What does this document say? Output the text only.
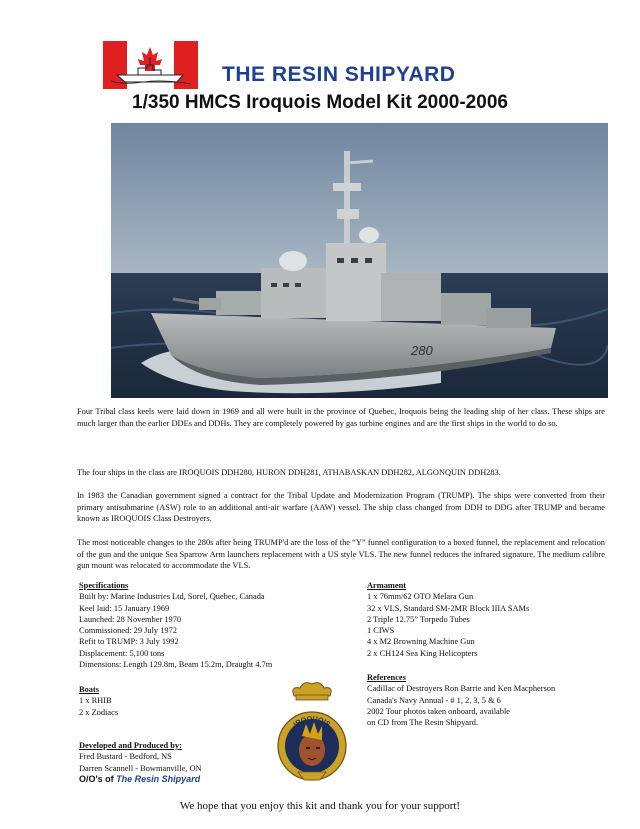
THE RESIN SHIPYARD
1/350 HMCS Iroquois Model Kit 2000-2006
280
Four Tribal class keels were laid down in 1969 and all were built in the province of Quebec, Iroquois being the leading ship of her class. These ships are much larger than the earlier DDEs and DDHs. They are completely powered by gas turbine engines and are the first ships in the world to do so.
The four ships in the class are IROQUOIS DDH280, HURON DDH281, ATHABASKAN DDH282, ALGONQUIN DDH283.
In 1983 the Canadian government signed a contract for the Tribal Update and Modernization Program (TRUMP). The ships were converted from their primary antisubmarine (ASW) role to an additional anti-air warfare (AAW) vessel. The ship class changed from DDH to DDG after TRUMP and became known as IROQUOIS Class Destroyers.
The most noticeable changes to the 280s after being TRUMP'd are the loss of the “Y” funnel configuration to a boxed funnel, the replacement and relocation of the gun and the unique Sea Sparrow Arm launchers replacement with a US style VLS. The new funnel reduces the infrared signature. The medium calibre gun mount was relocated to accommodate the VLS.
Specifications
Built by: Marine Industries Ltd, Sorel, Quebec, Canada
Keel laid: 15 January 1969
Launched: 28 November 1970
Commissioned: 29 July 1972
Refit to TRUMP: 3 July 1992
Displacement: 5,100 tons
Dimensions: Length 129.8m, Beam 15.2m, Draught 4.7m
Boats
1 x RHIB
2 x Zodiacs
Developed and Produced by:
Fred Bustard - Bedford, NS
Darren Scannell - Bowmanville, ON
O/O's of The Resin Shipyard
Armament
1 x 76mm/62 OTO Melara Gun
32 x VLS, Standard SM-2MR Block IIIA SAMs
2 Triple 12.75” Torpedo Tubes
1 CIWS
4 x M2 Browning Machine Gun
2 x CH124 Sea King Helicopters
References
Cadillac of Destroyers Ron Barrie and Ken Macpherson
Canada's Navy Annual - # 1, 2, 3, 5 & 6
2002 Tour photos taken onboard, available
on CD from The Resin Shipyard.
IROQUOIS
We hope that you enjoy this kit and thank you for your support!
